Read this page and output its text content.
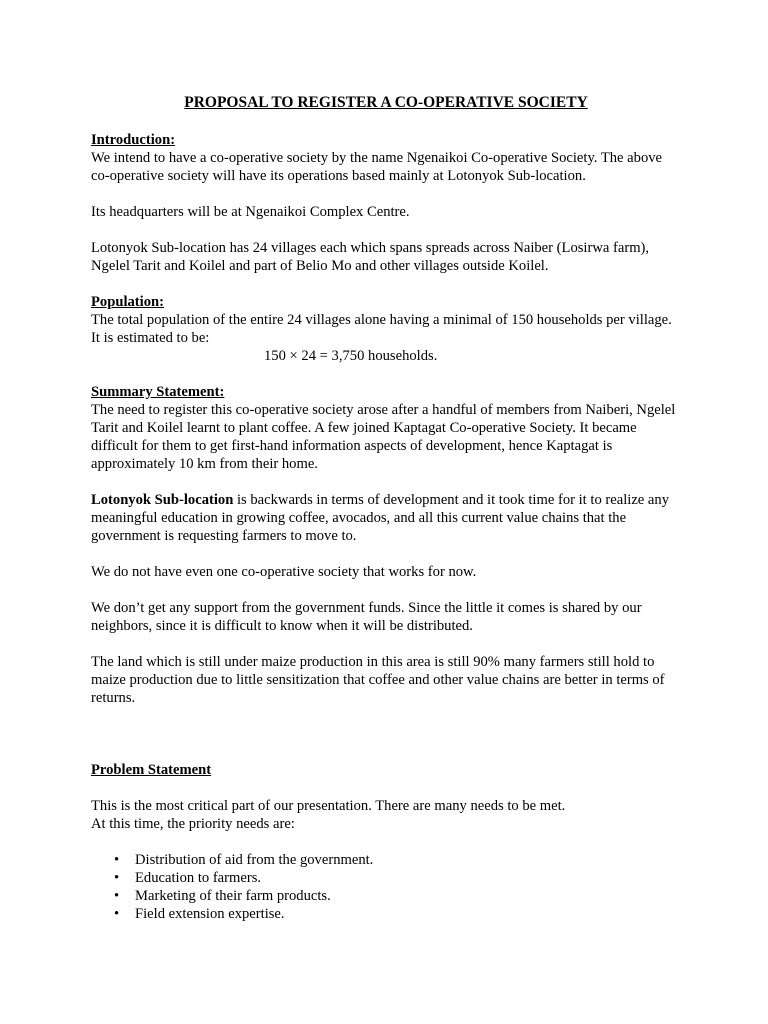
PROPOSAL TO REGISTER A CO-OPERATIVE SOCIETY

Introduction:

We intend to have a co-operative society by the name Ngenaikoi Co-operative Society. The above co-operative society will have its operations based mainly at Lotonyok Sub-location.

Its headquarters will be at Ngenaikoi Complex Centre.

Lotonyok Sub-location has 24 villages each which spans spreads across Naiber (Losirwa farm), Ngelel Tarit and Koilel and part of Belio Mo and other villages outside Koilel.

Population:

The total population of the entire 24 villages alone having a minimal of 150 households per village. It is estimated to be:

150 × 24 = 3,750 households.

Summary Statement:

The need to register this co-operative society arose after a handful of members from Naiberi, Ngelel Tarit and Koilel learnt to plant coffee. A few joined Kaptagat Co-operative Society. It became difficult for them to get first-hand information aspects of development, hence Kaptagat is approximately 10 km from their home.

Lotonyok Sub-location is backwards in terms of development and it took time for it to realize any meaningful education in growing coffee, avocados, and all this current value chains that the government is requesting farmers to move to.

We do not have even one co-operative society that works for now.

We don’t get any support from the government funds. Since the little it comes is shared by our neighbors, since it is difficult to know when it will be distributed.

The land which is still under maize production in this area is still 90% many farmers still hold to maize production due to little sensitization that coffee and other value chains are better in terms of returns.

Problem Statement

This is the most critical part of our presentation. There are many needs to be met.

At this time, the priority needs are:

• Distribution of aid from the government.
• Education to farmers.
• Marketing of their farm products.
• Field extension expertise.
